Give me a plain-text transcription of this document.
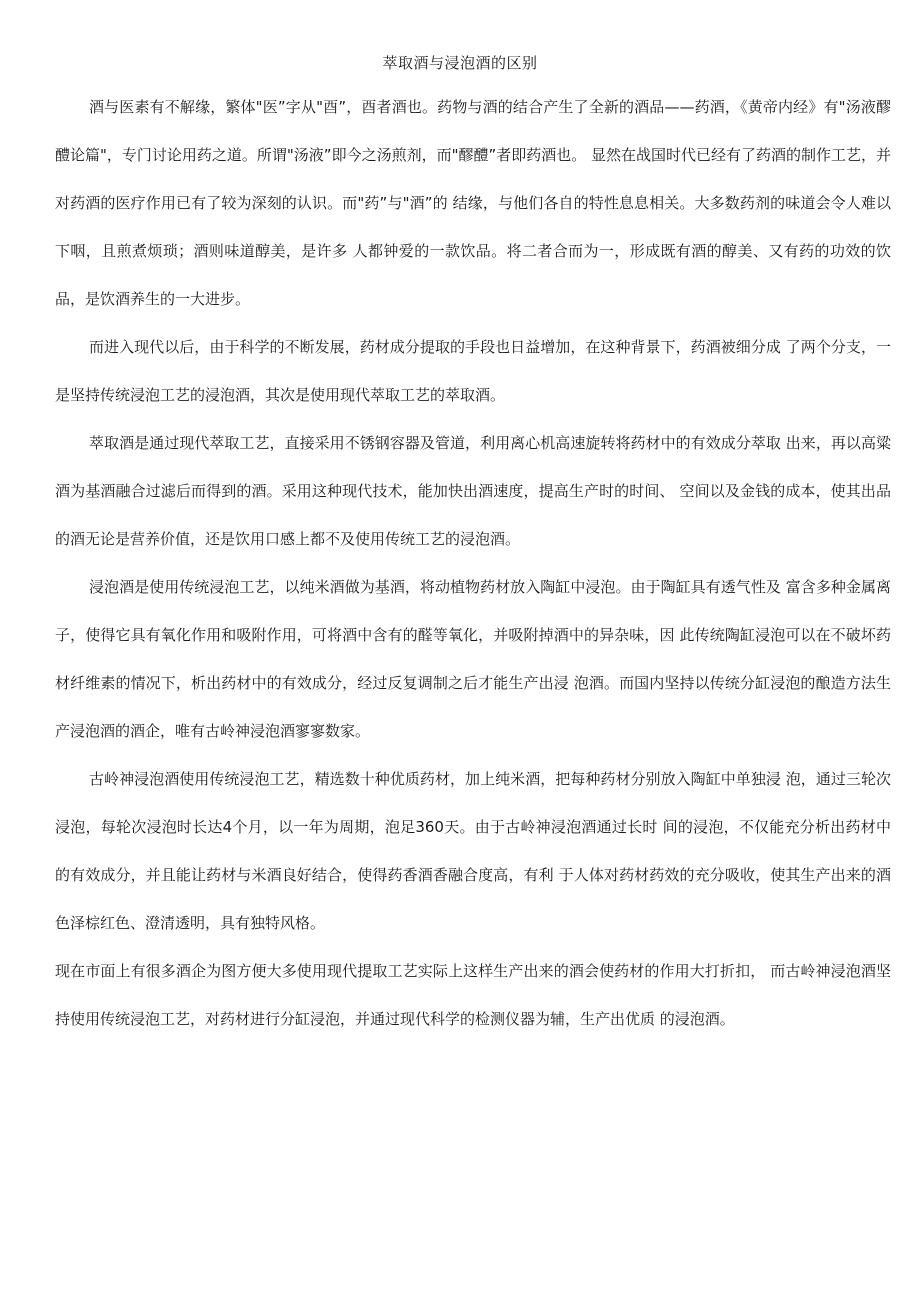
萃取酒与浸泡酒的区别

酒与医素有不解缘，繁体"医”字从"酉”，酉者酒也。药物与酒的结合产生了全新的酒品——药酒，《黄帝内经》有"汤液醪醴论篇"，专门讨论用药之道。所谓"汤液”即今之汤煎剂，而"醪醴”者即药酒也。 显然在战国时代已经有了药酒的制作工艺，并对药酒的医疗作用已有了较为深刻的认识。而"药”与"酒”的 结缘，与他们各自的特性息息相关。大多数药剂的味道会令人难以下咽，且煎煮烦琐；酒则味道醇美，是许多 人都钟爱的一款饮品。将二者合而为一，形成既有酒的醇美、又有药的功效的饮品，是饮酒养生的一大进步。

而进入现代以后，由于科学的不断发展，药材成分提取的手段也日益增加，在这种背景下，药酒被细分成 了两个分支，一是坚持传统浸泡工艺的浸泡酒，其次是使用现代萃取工艺的萃取酒。

萃取酒是通过现代萃取工艺，直接采用不锈钢容器及管道，利用离心机高速旋转将药材中的有效成分萃取 出来，再以高粱酒为基酒融合过滤后而得到的酒。采用这种现代技术，能加快出酒速度，提高生产时的时间、 空间以及金钱的成本，使其出品的酒无论是营养价值，还是饮用口感上都不及使用传统工艺的浸泡酒。

浸泡酒是使用传统浸泡工艺，以纯米酒做为基酒，将动植物药材放入陶缸中浸泡。由于陶缸具有透气性及 富含多种金属离子，使得它具有氧化作用和吸附作用，可将酒中含有的醛等氧化，并吸附掉酒中的异杂味，因 此传统陶缸浸泡可以在不破坏药材纤维素的情况下，析出药材中的有效成分，经过反复调制之后才能生产出浸 泡酒。而国内坚持以传统分缸浸泡的酿造方法生产浸泡酒的酒企，唯有古岭神浸泡酒寥寥数家。

古岭神浸泡酒使用传统浸泡工艺，精选数十种优质药材，加上纯米酒，把每种药材分别放入陶缸中单独浸 泡，通过三轮次浸泡，每轮次浸泡时长达4个月，以一年为周期，泡足360天。由于古岭神浸泡酒通过长时 间的浸泡，不仅能充分析出药材中的有效成分，并且能让药材与米酒良好结合，使得药香酒香融合度高，有利 于人体对药材药效的充分吸收，使其生产出来的酒色泽棕红色、澄清透明，具有独特风格。

现在市面上有很多酒企为图方便大多使用现代提取工艺实际上这样生产出来的酒会使药材的作用大打折扣， 而古岭神浸泡酒坚持使用传统浸泡工艺，对药材进行分缸浸泡，并通过现代科学的检测仪器为辅，生产出优质 的浸泡酒。
